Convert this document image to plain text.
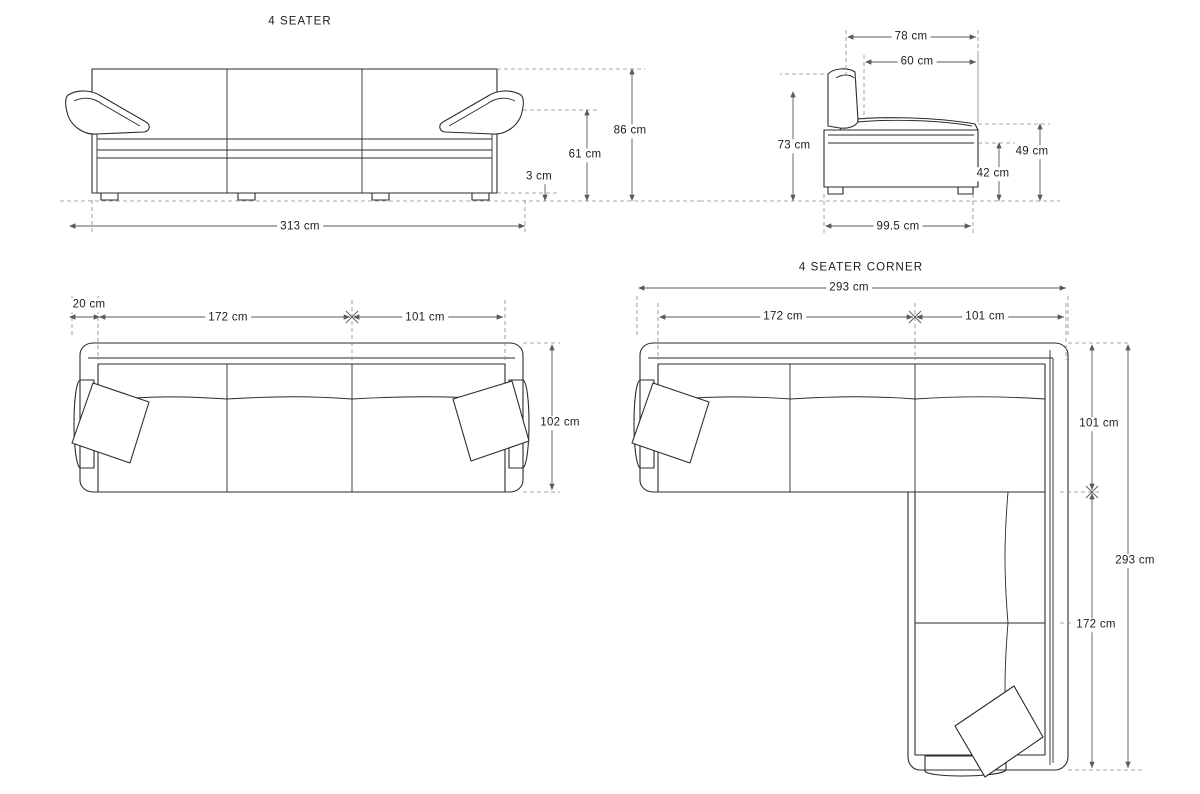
4 SEATER
4 SEATER CORNER
86 cm
61 cm
3 cm
313 cm
78 cm
60 cm
73 cm	49 cm
42 cm
99.5 cm
20 cm
172 cm	101 cm
102 cm
293 cm
172 cm	101 cm
101 cm
293 cm
172 cm
